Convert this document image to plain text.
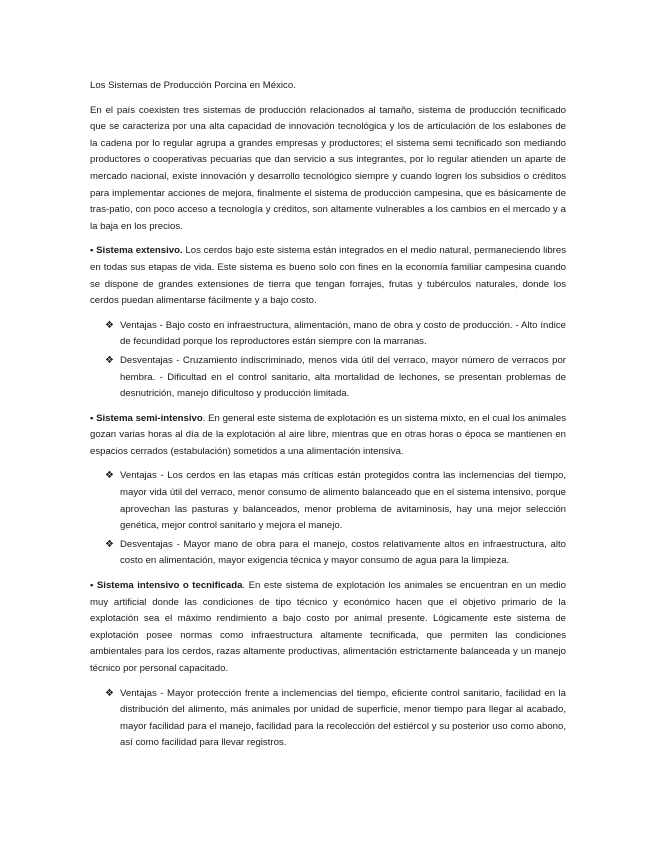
Los Sistemas de Producción Porcina en México.

En el país coexisten tres sistemas de producción relacionados al tamaño, sistema de producción tecnificado que se caracteriza por una alta capacidad de innovación tecnológica y los de articulación de los eslabones de la cadena por lo regular agrupa a grandes empresas y productores; el sistema semi tecnificado son mediando productores o cooperativas pecuarias que dan servicio a sus integrantes, por lo regular atienden un aparte de mercado nacional, existe innovación y desarrollo tecnológico siempre y cuando logren los subsidios o créditos para implementar acciones de mejora, finalmente el sistema de producción campesina, que es básicamente de tras-patio, con poco acceso a tecnología y créditos, son altamente vulnerables a los cambios en el mercado y a la baja en los precios.

• Sistema extensivo. Los cerdos bajo este sistema están integrados en el medio natural, permaneciendo libres en todas sus etapas de vida. Este sistema es bueno solo con fines en la economía familiar campesina cuando se dispone de grandes extensiones de tierra que tengan forrajes, frutas y tubérculos naturales, donde los cerdos puedan alimentarse fácilmente y a bajo costo.

❖ Ventajas - Bajo costo en infraestructura, alimentación, mano de obra y costo de producción. - Alto índice de fecundidad porque los reproductores están siempre con la marranas.
❖ Desventajas - Cruzamiento indiscriminado, menos vida útil del verraco, mayor número de verracos por hembra. - Dificultad en el control sanitario, alta mortalidad de lechones, se presentan problemas de desnutrición, manejo dificultoso y producción limitada.

• Sistema semi-intensivo. En general este sistema de explotación es un sistema mixto, en el cual los animales gozan varias horas al día de la explotación al aire libre, mientras que en otras horas o época se mantienen en espacios cerrados (estabulación) sometidos a una alimentación intensiva.

❖ Ventajas - Los cerdos en las etapas más críticas están protegidos contra las inclemencias del tiempo, mayor vida útil del verraco, menor consumo de alimento balanceado que en el sistema intensivo, porque aprovechan las pasturas y balanceados, menor problema de avitaminosis, hay una mejor selección genética, mejor control sanitario y mejora el manejo.
❖ Desventajas - Mayor mano de obra para el manejo, costos relativamente altos en infraestructura, alto costo en alimentación, mayor exigencia técnica y mayor consumo de agua para la limpieza.

• Sistema intensivo o tecnificada. En este sistema de explotación los animales se encuentran en un medio muy artificial donde las condiciones de tipo técnico y económico hacen que el objetivo primario de la explotación sea el máximo rendimiento a bajo costo por animal presente. Lógicamente este sistema de explotación posee normas como infraestructura altamente tecnificada, que permiten las condiciones ambientales para los cerdos, razas altamente productivas, alimentación estrictamente balanceada y un manejo técnico por personal capacitado.

❖ Ventajas - Mayor protección frente a inclemencias del tiempo, eficiente control sanitario, facilidad en la distribución del alimento, más animales por unidad de superficie, menor tiempo para llegar al acabado, mayor facilidad para el manejo, facilidad para la recolección del estiércol y su posterior uso como abono, así como facilidad para llevar registros.
